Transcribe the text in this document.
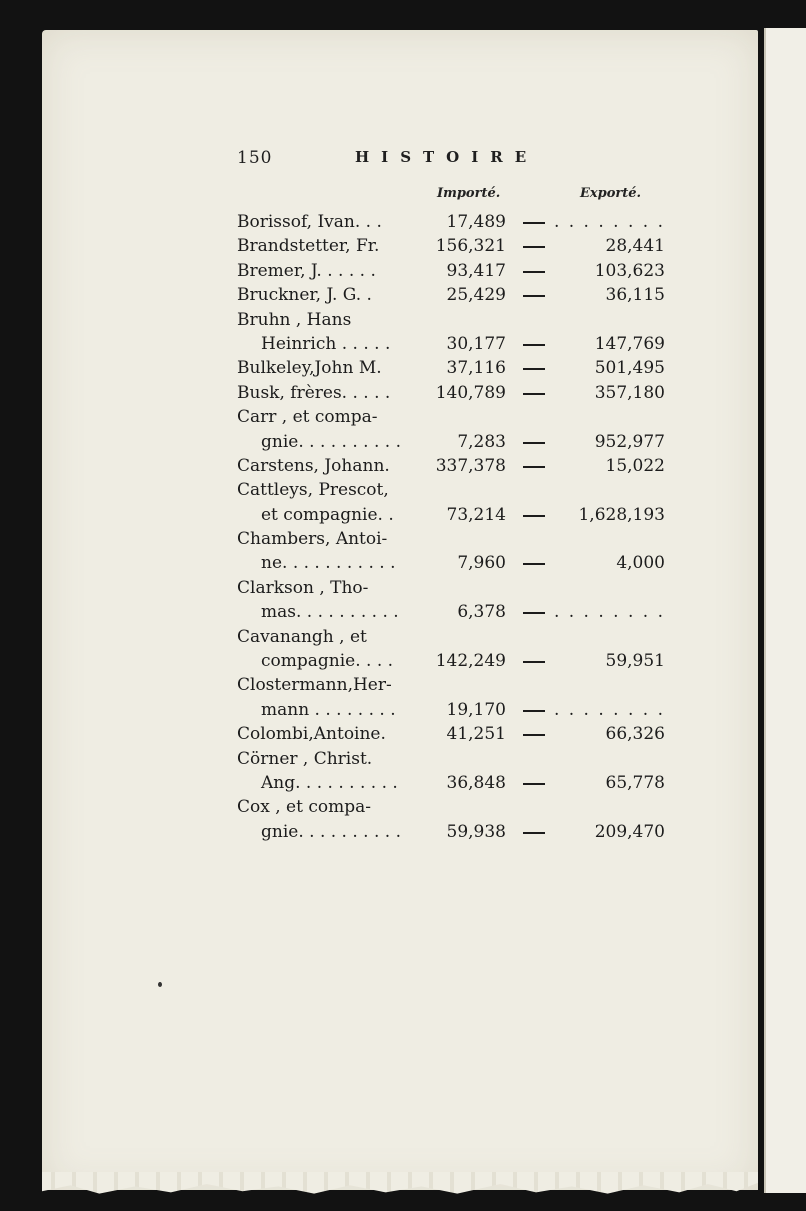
150	HISTOIRE
Importé.	Exporté.
Borissof, Ivan. . .	17,489	. . . . . . . .
Brandstetter, Fr.	156,321	28,441
Bremer, J. . . . . .	93,417	103,623
Bruckner, J. G. .	25,429	36,115
Bruhn , Hans
Heinrich . . . . .	30,177	147,769
Bulkeley,John M.	37,116	501,495
Busk, frères. . . . .	140,789	357,180
Carr , et compa-
gnie. . . . . . . . . .	7,283	952,977
Carstens, Johann.	337,378	15,022
Cattleys, Prescot,
et compagnie. .	73,214	1,628,193
Chambers, Antoi-
ne. . . . . . . . . . .	7,960	4,000
Clarkson , Tho-
mas. . . . . . . . . .	6,378	. . . . . . . .
Cavanangh , et
compagnie. . . .	142,249	59,951
Clostermann,Her-
mann . . . . . . . .	19,170	. . . . . . . .
Colombi,Antoine.	41,251	66,326
Cörner , Christ.
Ang. . . . . . . . . .	36,848	65,778
Cox , et compa-
gnie. . . . . . . . . .	59,938	209,470
